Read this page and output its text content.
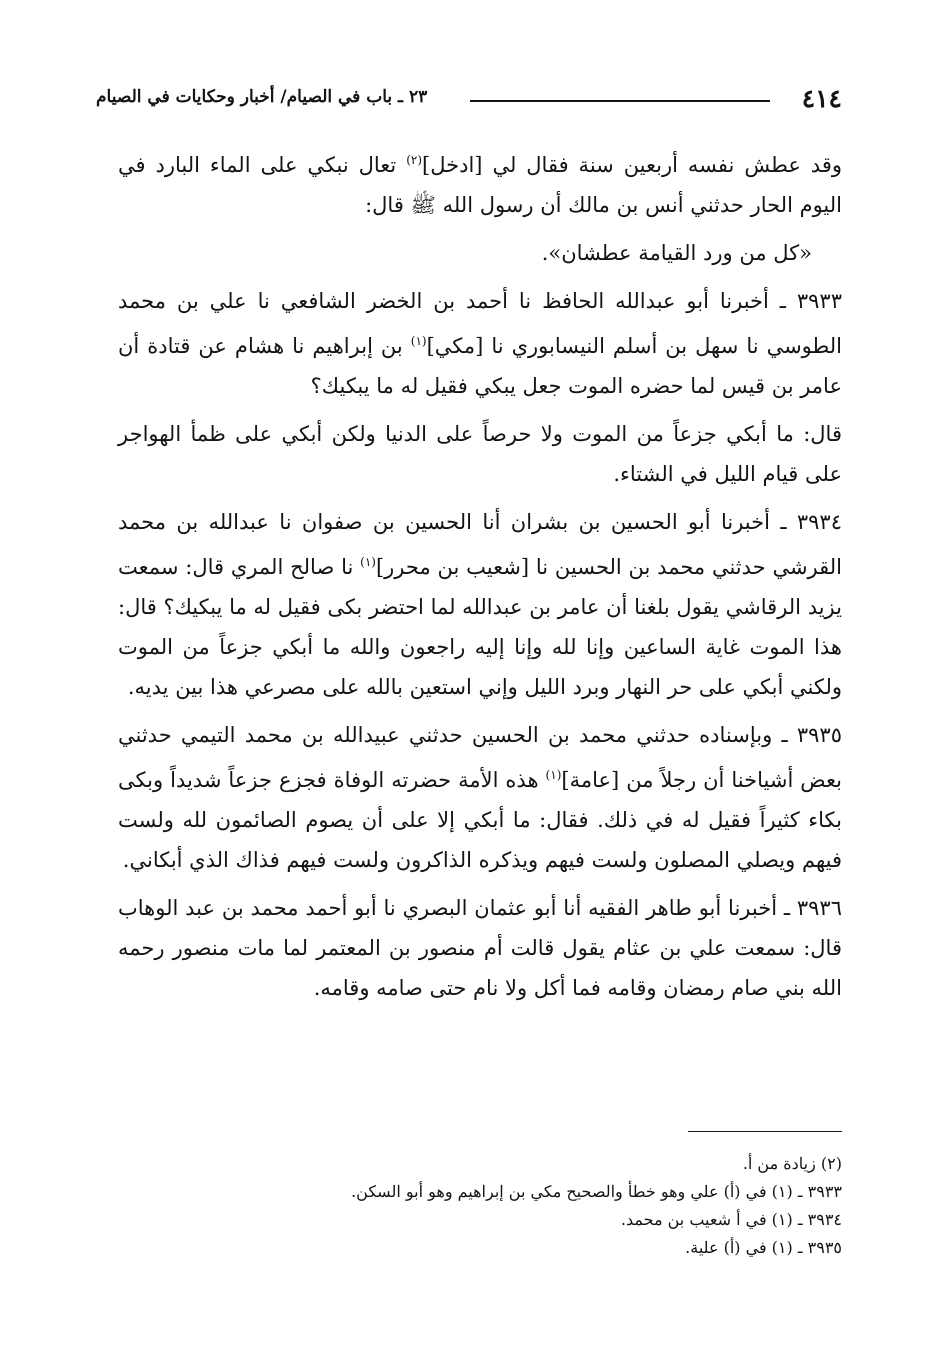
٤١٤
٢٣ ـ باب في الصيام/ أخبار وحكايات في الصيام

وقد عطش نفسه أربعين سنة فقال لي [ادخل]$^{(٢)}$ تعال نبكي على الماء البارد في اليوم الحار حدثني أنس بن مالك أن رسول الله ﷺ قال:

«كل من ورد القيامة عطشان».

٣٩٣٣ ـ أخبرنا أبو عبدالله الحافظ نا أحمد بن الخضر الشافعي نا علي بن محمد الطوسي نا سهل بن أسلم النيسابوري نا [مكي]$^{(١)}$ بن إبراهيم نا هشام عن قتادة أن عامر بن قيس لما حضره الموت جعل يبكي فقيل له ما يبكيك؟

قال: ما أبكي جزعاً من الموت ولا حرصاً على الدنيا ولكن أبكي على ظمأ الهواجر على قيام الليل في الشتاء.

٣٩٣٤ ـ أخبرنا أبو الحسين بن بشران أنا الحسين بن صفوان نا عبدالله بن محمد القرشي حدثني محمد بن الحسين نا [شعيب بن محرر]$^{(١)}$ نا صالح المري قال: سمعت يزيد الرقاشي يقول بلغنا أن عامر بن عبدالله لما احتضر بكى فقيل له ما يبكيك؟ قال: هذا الموت غاية الساعين وإنا لله وإنا إليه راجعون والله ما أبكي جزعاً من الموت ولكني أبكي على حر النهار وبرد الليل وإني استعين بالله على مصرعي هذا بين يديه.

٣٩٣٥ ـ وبإسناده حدثني محمد بن الحسين حدثني عبيدالله بن محمد التيمي حدثني بعض أشياخنا أن رجلاً من [عامة]$^{(١)}$ هذه الأمة حضرته الوفاة فجزع جزعاً شديداً وبكى بكاء كثيراً فقيل له في ذلك. فقال: ما أبكي إلا على أن يصوم الصائمون لله ولست فيهم ويصلي المصلون ولست فيهم ويذكره الذاكرون ولست فيهم فذاك الذي أبكاني.

٣٩٣٦ ـ أخبرنا أبو طاهر الفقيه أنا أبو عثمان البصري نا أبو أحمد محمد بن عبد الوهاب قال: سمعت علي بن عثام يقول قالت أم منصور بن المعتمر لما مات منصور رحمه الله بني صام رمضان وقامه فما أكل ولا نام حتى صامه وقامه.

(٢) زيادة من أ.

٣٩٣٣ ـ (١) في (أ) علي وهو خطأ والصحيح مكي بن إبراهيم وهو أبو السكن.

٣٩٣٤ ـ (١) في أ شعيب بن محمد.

٣٩٣٥ ـ (١) في (أ) علية.
